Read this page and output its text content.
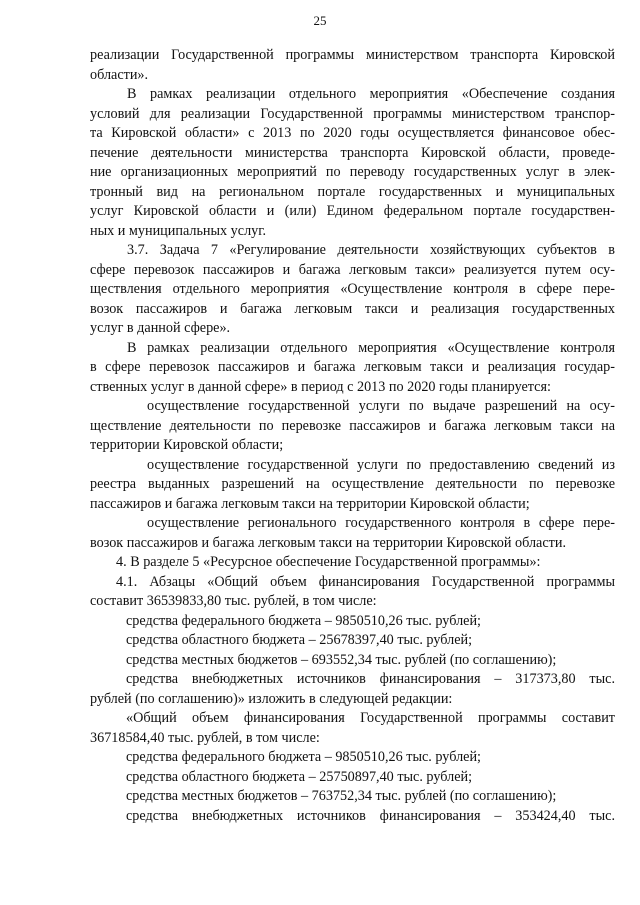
25
реализации Государственной программы министерством транспорта Кировской
области».
В рамках реализации отдельного мероприятия «Обеспечение создания
условий для реализации Государственной программы министерством транспор-
та Кировской области» с 2013 по 2020 годы осуществляется финансовое обес-
печение деятельности министерства транспорта Кировской области, проведе-
ние организационных мероприятий по переводу государственных услуг в элек-
тронный вид на региональном портале государственных и муниципальных
услуг Кировской области и (или) Едином федеральном портале государствен-
ных и муниципальных услуг.
3.7. Задача 7 «Регулирование деятельности хозяйствующих субъектов в
сфере перевозок пассажиров и багажа легковым такси» реализуется путем осу-
ществления отдельного мероприятия «Осуществление контроля в сфере пере-
возок пассажиров и багажа легковым такси и реализация государственных
услуг в данной сфере».
В рамках реализации отдельного мероприятия «Осуществление контроля
в сфере перевозок пассажиров и багажа легковым такси и реализация государ-
ственных услуг в данной сфере» в период с 2013 по 2020 годы планируется:
осуществление государственной услуги по выдаче разрешений на осу-
ществление деятельности по перевозке пассажиров и багажа легковым такси на
территории Кировской области;
осуществление государственной услуги по предоставлению сведений из
реестра выданных разрешений на осуществление деятельности по перевозке
пассажиров и багажа легковым такси на территории Кировской области;
осуществление регионального государственного контроля в сфере пере-
возок пассажиров и багажа легковым такси на территории Кировской области.
4. В разделе 5 «Ресурсное обеспечение Государственной программы»:
4.1. Абзацы «Общий объем финансирования Государственной программы
составит 36539833,80 тыс. рублей, в том числе:
средства федерального бюджета – 9850510,26 тыс. рублей;
средства областного бюджета – 25678397,40 тыс. рублей;
средства местных бюджетов – 693552,34 тыс. рублей (по соглашению);
средства внебюджетных источников финансирования – 317373,80 тыс.
рублей (по соглашению)» изложить в следующей редакции:
«Общий объем финансирования Государственной программы составит
36718584,40 тыс. рублей, в том числе:
средства федерального бюджета – 9850510,26 тыс. рублей;
средства областного бюджета – 25750897,40 тыс. рублей;
средства местных бюджетов – 763752,34 тыс. рублей (по соглашению);
средства внебюджетных источников финансирования – 353424,40 тыс.
